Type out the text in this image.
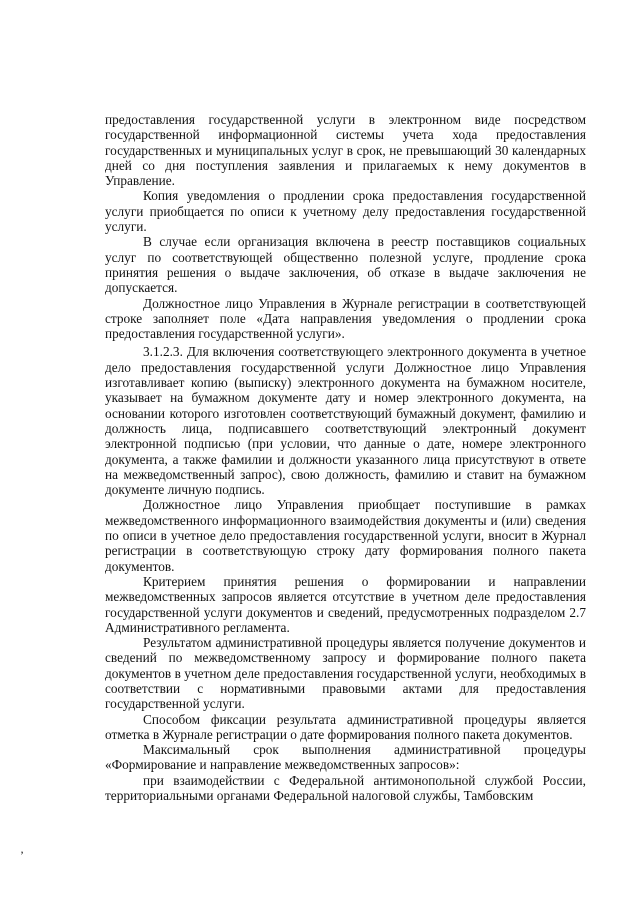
предоставления государственной услуги в электронном виде посредством государственной информационной системы учета хода предоставления государственных и муниципальных услуг в срок, не превышающий 30 календарных дней со дня поступления заявления и прилагаемых к нему документов в Управление.

Копия уведомления о продлении срока предоставления государственной услуги приобщается по описи к учетному делу предоставления государственной услуги.

В случае если организация включена в реестр поставщиков социальных услуг по соответствующей общественно полезной услуге, продление срока принятия решения о выдаче заключения, об отказе в выдаче заключения не допускается.

Должностное лицо Управления в Журнале регистрации в соответствующей строке заполняет поле «Дата направления уведомления о продлении срока предоставления государственной услуги».

3.1.2.3. Для включения соответствующего электронного документа в учетное дело предоставления государственной услуги Должностное лицо Управления изготавливает копию (выписку) электронного документа на бумажном носителе, указывает на бумажном документе дату и номер электронного документа, на основании которого изготовлен соответствующий бумажный документ, фамилию и должность лица, подписавшего соответствующий электронный документ электронной подписью (при условии, что данные о дате, номере электронного документа, а также фамилии и должности указанного лица присутствуют в ответе на межведомственный запрос), свою должность, фамилию и ставит на бумажном документе личную подпись.

Должностное лицо Управления приобщает поступившие в рамках межведомственного информационного взаимодействия документы и (или) сведения по описи в учетное дело предоставления государственной услуги, вносит в Журнал регистрации в соответствующую строку дату формирования полного пакета документов.

Критерием принятия решения о формировании и направлении межведомственных запросов является отсутствие в учетном деле предоставления государственной услуги документов и сведений, предусмотренных подразделом 2.7 Административного регламента.

Результатом административной процедуры является получение документов и сведений по межведомственному запросу и формирование полного пакета документов в учетном деле предоставления государственной услуги, необходимых в соответствии с нормативными правовыми актами для предоставления государственной услуги.

Способом фиксации результата административной процедуры является отметка в Журнале регистрации о дате формирования полного пакета документов.

Максимальный срок выполнения административной процедуры «Формирование и направление межведомственных запросов»:

при взаимодействии с Федеральной антимонопольной службой России, территориальными органами Федеральной налоговой службы, Тамбовским

’
